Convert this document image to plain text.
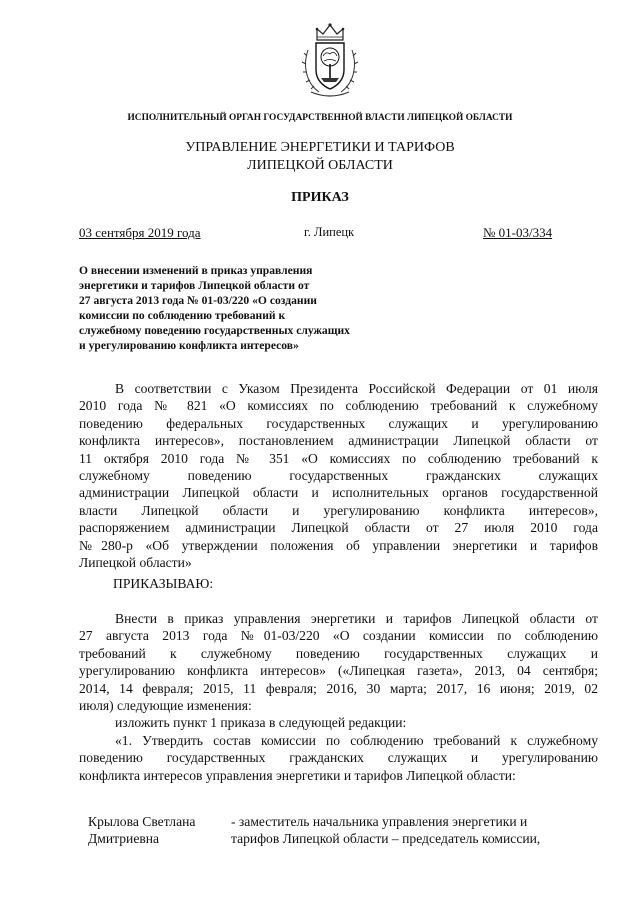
ИСПОЛНИТЕЛЬНЫЙ ОРГАН ГОСУДАРСТВЕННОЙ ВЛАСТИ ЛИПЕЦКОЙ ОБЛАСТИ
УПРАВЛЕНИЕ ЭНЕРГЕТИКИ И ТАРИФОВ
ЛИПЕЦКОЙ ОБЛАСТИ
ПРИКАЗ
03 сентября 2019 года	г. Липецк	№ 01-03/334
О внесении изменений в приказ управления
энергетики и тарифов Липецкой области от
27 августа 2013 года № 01-03/220 «О создании
комиссии по соблюдению требований к
служебному поведению государственных служащих
и урегулированию конфликта интересов»
В соответствии с Указом Президента Российской Федерации от 01 июля
2010 года № 821 «О комиссиях по соблюдению требований к служебному
поведению федеральных государственных служащих и урегулированию
конфликта интересов», постановлением администрации Липецкой области от
11 октября 2010 года № 351 «О комиссиях по соблюдению требований к
служебному поведению государственных гражданских служащих
администрации Липецкой области и исполнительных органов государственной
власти Липецкой области и урегулированию конфликта интересов»,
распоряжением администрации Липецкой области от 27 июля 2010 года
№280-р «Об утверждении положения об управлении энергетики и тарифов
Липецкой области»
ПРИКАЗЫВАЮ:
Внести в приказ управления энергетики и тарифов Липецкой области от
27 августа 2013 года №01-03/220 «О создании комиссии по соблюдению
требований к служебному поведению государственных служащих и
урегулированию конфликта интересов» («Липецкая газета», 2013, 04 сентября;
2014, 14 февраля; 2015, 11 февраля; 2016, 30 марта; 2017, 16 июня; 2019, 02
июля) следующие изменения:
изложить пункт 1 приказа в следующей редакции:
«1. Утвердить состав комиссии по соблюдению требований к служебному
поведению государственных гражданских служащих и урегулированию
конфликта интересов управления энергетики и тарифов Липецкой области:
Крылова Светлана
Дмитриевна
- заместитель начальника управления энергетики и
тарифов Липецкой области – председатель комиссии,
